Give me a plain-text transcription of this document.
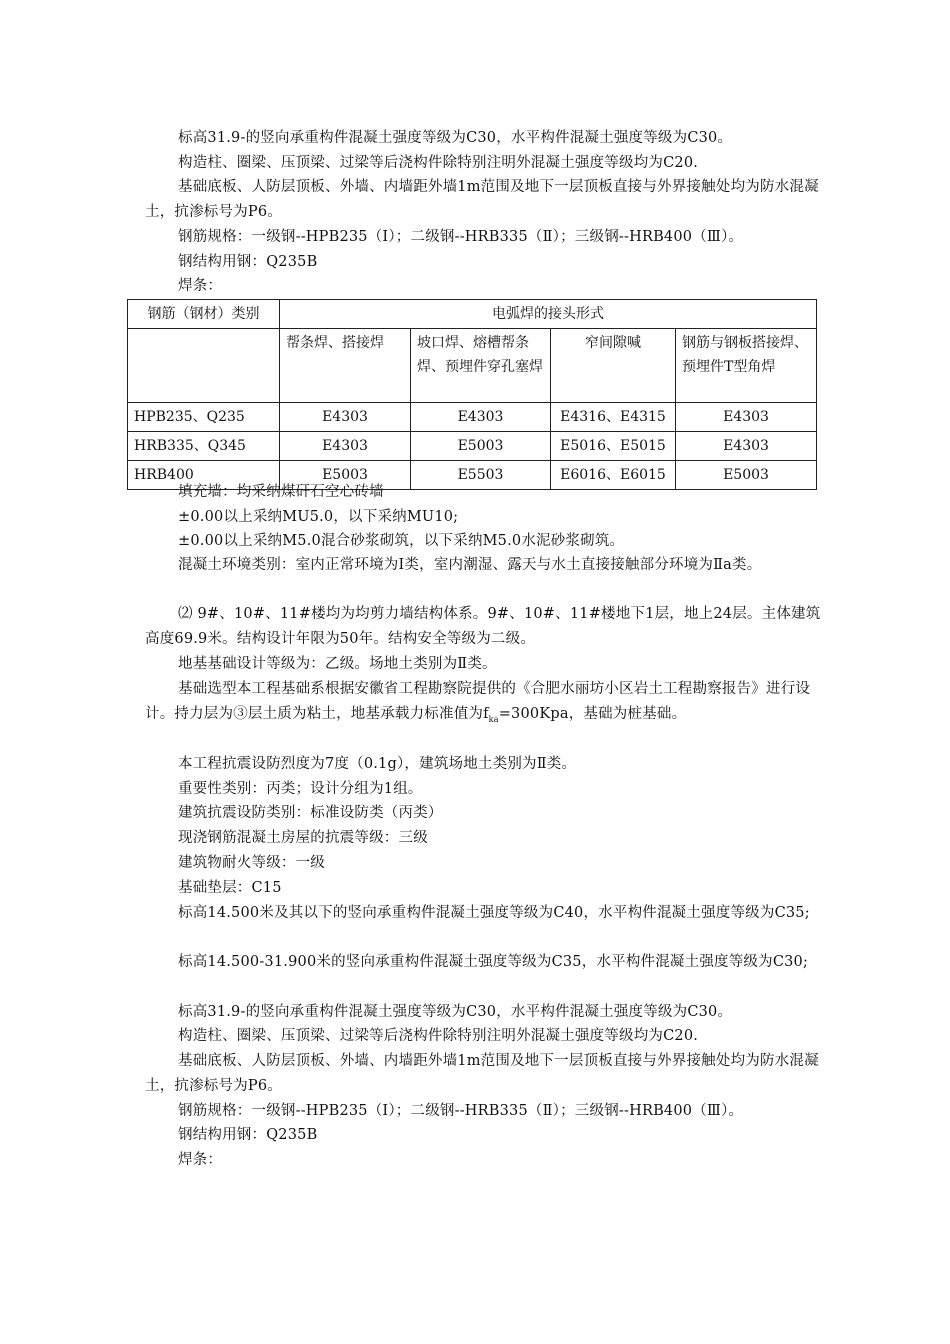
标高31.9-的竖向承重构件混凝土强度等级为C30，水平构件混凝土强度等级为C30。

构造柱、圈梁、压顶梁、过梁等后浇构件除特别注明外混凝土强度等级均为C20.

基础底板、人防层顶板、外墙、内墙距外墙1m范围及地下一层顶板直接与外界接触处均为防水混凝土，抗渗标号为P6。

钢筋规格：一级钢--HPB235（Ⅰ）；二级钢--HRB335（Ⅱ）；三级钢--HRB400（Ⅲ）。

钢结构用钢：Q235B

焊条：

钢筋（钢材）类别	电弧焊的接头形式			
	帮条焊、搭接焊	坡口焊、熔槽帮条焊、预埋件穿孔塞焊	窄间隙喊	钢筋与钢板搭接焊、预埋件T型角焊
HPB235、Q235	E4303	E4303	E4316、E4315	E4303
HRB335、Q345	E4303	E5003	E5016、E5015	E4303
HRB400	E5003	E5503	E6016、E6015	E5003

填充墙：均采纳煤矸石空心砖墙

±0.00以上采纳MU5.0，以下采纳MU10;

±0.00以上采纳M5.0混合砂浆砌筑，以下采纳M5.0水泥砂浆砌筑。

混凝土环境类别：室内正常环境为Ⅰ类，室内潮湿、露天与水土直接接触部分环境为Ⅱa类。

⑵ 9#、10#、11#楼均为均剪力墙结构体系。9#、10#、11#楼地下1层，地上24层。主体建筑高度69.9米。结构设计年限为50年。结构安全等级为二级。

地基基础设计等级为：乙级。场地土类别为Ⅱ类。

基础选型本工程基础系根据安徽省工程勘察院提供的《合肥水丽坊小区岩土工程勘察报告》进行设计。持力层为③层土质为粘土，地基承载力标准值为$f_{ka}=300Kpa$，基础为桩基础。

本工程抗震设防烈度为7度（0.1g），建筑场地土类别为Ⅱ类。

重要性类别：丙类；设计分组为1组。

建筑抗震设防类别：标准设防类（丙类）

现浇钢筋混凝土房屋的抗震等级：三级

建筑物耐火等级：一级

基础垫层：C15

标高14.500米及其以下的竖向承重构件混凝土强度等级为C40，水平构件混凝土强度等级为C35;

标高14.500-31.900米的竖向承重构件混凝土强度等级为C35，水平构件混凝土强度等级为C30;

标高31.9-的竖向承重构件混凝土强度等级为C30，水平构件混凝土强度等级为C30。

构造柱、圈梁、压顶梁、过梁等后浇构件除特别注明外混凝土强度等级均为C20.

基础底板、人防层顶板、外墙、内墙距外墙1m范围及地下一层顶板直接与外界接触处均为防水混凝土，抗渗标号为P6。

钢筋规格：一级钢--HPB235（Ⅰ）；二级钢--HRB335（Ⅱ）；三级钢--HRB400（Ⅲ）。

钢结构用钢：Q235B

焊条：
